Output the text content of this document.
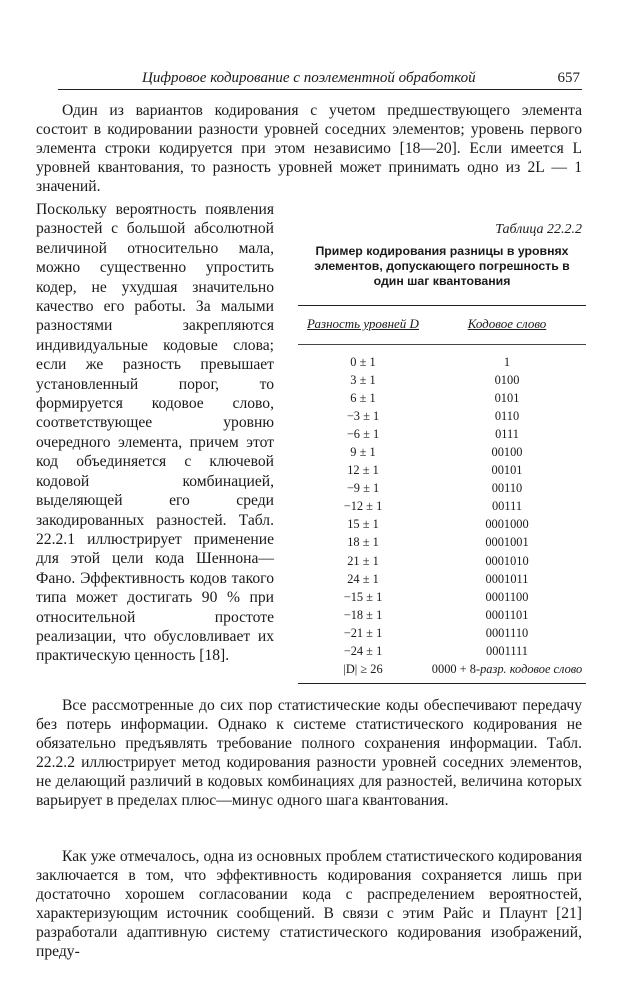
Цифровое кодирование с поэлементной обработкой	657

Один из вариантов кодирования с учетом предшествующего элемента состоит в кодировании разности уровней соседних элементов; уровень первого элемента строки кодируется при этом независимо [18—20]. Если имеется L уровней квантования, то разность уровней может принимать одно из 2L — 1 значений.

Поскольку вероятность появления разностей с большой абсолютной величиной относительно мала, можно существенно упростить кодер, не ухудшая значительно качество его работы. За малыми разностями закрепляются индивидуальные кодовые слова; если же разность превышает установленный порог, то формируется кодовое слово, соответствующее уровню очередного элемента, причем этот код объединяется с ключевой кодовой комбинацией, выделяющей его среди закодированных разностей. Табл. 22.2.1 иллюстрирует применение для этой цели кода Шеннона—Фано. Эффективность кодов такого типа может достигать 90 % при относительной простоте реализации, что обусловливает их практическую ценность [18].

Таблица 22.2.2
Пример кодирования разницы в уровнях элементов, допускающего погрешность в один шаг квантования
Разность уровней D	Кодовое слово
0 ± 1	1
3 ± 1	0100
6 ± 1	0101
−3 ± 1	0110
−6 ± 1	0111
9 ± 1	00100
12 ± 1	00101
−9 ± 1	00110
−12 ± 1	00111
15 ± 1	0001000
18 ± 1	0001001
21 ± 1	0001010
24 ± 1	0001011
−15 ± 1	0001100
−18 ± 1	0001101
−21 ± 1	0001110
−24 ± 1	0001111
|D| ≥ 26	0000 + 8-разр. кодовое слово

Все рассмотренные до сих пор статистические коды обеспечивают передачу без потерь информации. Однако к системе статистического кодирования не обязательно предъявлять требование полного сохранения информации. Табл. 22.2.2 иллюстрирует метод кодирования разности уровней соседних элементов, не делающий различий в кодовых комбинациях для разностей, величина которых варьирует в пределах плюс—минус одного шага квантования.

Как уже отмечалось, одна из основных проблем статистического кодирования заключается в том, что эффективность кодирования сохраняется лишь при достаточно хорошем согласовании кода с распределением вероятностей, характеризующим источник сообщений. В связи с этим Райс и Плаунт [21] разработали адаптивную систему статистического кодирования изображений, преду-
